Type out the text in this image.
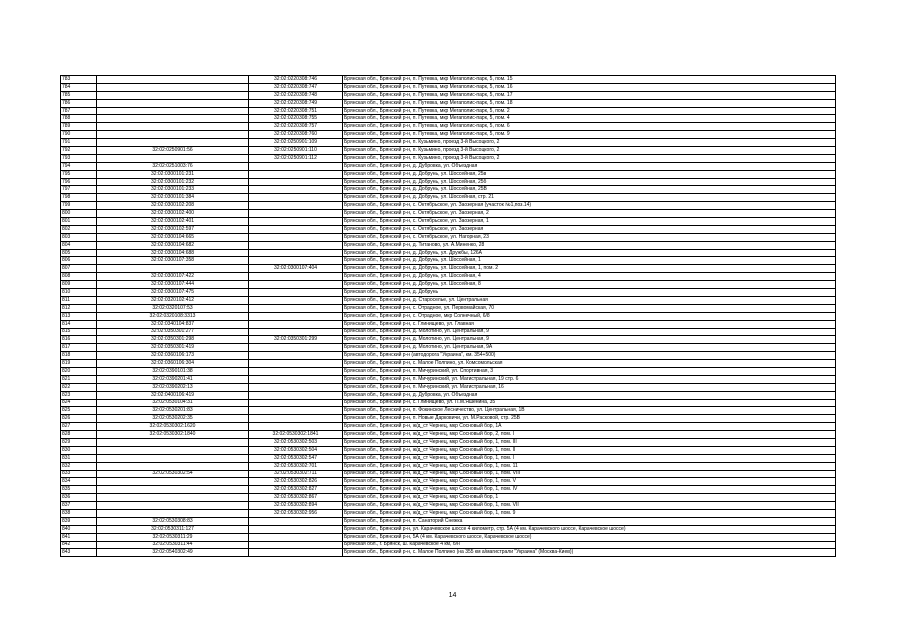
783		32:02:0220308:746	Брянская обл., Брянский р-н, п. Путевка, мкр Мегаполис-парк, 5, пом. 15
784		32:02:0220308:747	Брянская обл., Брянский р-н, п. Путевка, мкр Мегаполис-парк, 5, пом. 16
785		32:02:0220308:748	Брянская обл., Брянский р-н, п. Путевка, мкр Мегаполис-парк, 5, пом. 17
786		32:02:0220308:749	Брянская обл., Брянский р-н, п. Путевка, мкр Мегаполис-парк, 5, пом. 18
787		32:02:0220308:751	Брянская обл., Брянский р-н, п. Путевка, мкр Мегаполис-парк, 5, пом. 2
788		32:02:0220308:755	Брянская обл., Брянский р-н, п. Путевка, мкр Мегаполис-парк, 5, пом. 4
789		32:02:0220308:757	Брянская обл., Брянский р-н, п. Путевка, мкр Мегаполис-парк, 5, пом. 6
790		32:02:0220308:760	Брянская обл., Брянский р-н, п. Путевка, мкр Мегаполис-парк, 5, пом. 9
791		32:02:0250901:109	Брянская обл., Брянский р-н, п. Кузьмино, проезд 3-й Высоцкого, 2
792	32:02:0250901:56	32:02:0250901:110	Брянская обл., Брянский р-н, п. Кузьмино, проезд 3-й Высоцкого, 2
793		32:02:0250901:112	Брянская обл., Брянский р-н, п. Кузьмино, проезд 3-й Высоцкого, 2
794	32:02:0251003:76		Брянская обл., Брянский р-н, д. Дубровка, ул. Объездная
795	32:02:0300101:231		Брянская обл., Брянский р-н, д. Добрунь, ул. Шоссейная, 25в
796	32:02:0300101:232		Брянская обл., Брянский р-н, д. Добрунь, ул. Шоссейная, 25б
797	32:02:0300101:233		Брянская обл., Брянский р-н, д. Добрунь, ул. Шоссейная, 25В
798	32:02:0300101:384		Брянская обл., Брянский р-н, д. Добрунь, ул. Шоссейная, стр. 21
799	32:02:0300102:208		Брянская обл., Брянский р-н, с. Октябрьское, ул. Заозерная (участок №1,поз.14)
800	32:02:0300102:400		Брянская обл., Брянский р-н, с. Октябрьское, ул. Заозерная, 2
801	32:02:0300102:401		Брянская обл., Брянский р-н, с. Октябрьское, ул. Заозерная, 1
802	32:02:0300102:597		Брянская обл., Брянский р-н, с. Октябрьское, ул. Заозерная
803	32:02:0300104:665		Брянская обл., Брянский р-н, с. Октябрьское, ул. Нагорная, 23
804	32:02:0300104:682		Брянская обл., Брянский р-н, д. Титаново, ул. А.Миненко, 28
805	32:02:0300104:688		Брянская обл., Брянский р-н, д. Добрунь, ул. Дружбы, 126А
806	32:02:0300107:358		Брянская обл., Брянский р-н, д. Добрунь, ул. Шоссейная, 1
807		32:02:0300107:404	Брянская обл., Брянский р-н, д. Добрунь, ул. Шоссейная, 1, пом. 2
808	32:02:0300107:422		Брянская обл., Брянский р-н, д. Добрунь, ул. Шоссейная, 4
809	32:02:0300107:444		Брянская обл., Брянский р-н, д. Добрунь, ул. Шоссейная, 8
810	32:02:0300107:475		Брянская обл., Брянский р-н, д. Добрунь
811	32:02:0320102:412		Брянская обл., Брянский р-н, д. Староселье, ул. Центральная
812	32:02:0320107:53		Брянская обл., Брянский р-н, с. Отрадное, ул. Первомайская, 70
813	32:02:0320108:3313		Брянская обл., Брянский р-н, с. Отрадное, мкр Солнечный, 6/8
814	32:02:0340104:837		Брянская обл., Брянский р-н, с. Глинищево, ул. Главная
815	32:02:0350301:277		Брянская обл., Брянский р-н, д. Молотино, ул. Центральная, 9
816	32:02:0350301:298	32:02:0350301:299	Брянская обл., Брянский р-н, д. Молотино, ул. Центральная, 9
817	32:02:0350301:419		Брянская обл., Брянский р-н, д. Молотино, ул. Центральная, 9А
818	32:02:0360106:173		Брянская обл., Брянский р-н (автодорога "Украина", км. 354+500)
819	32:02:0360106:304		Брянская обл., Брянский р-н, с. Малое Полпино, ул. Комсомольская
820	32:02:0390101:38		Брянская обл., Брянский р-н, п. Мичуринский, ул. Спортивная, 3
821	32:02:0390201:41		Брянская обл., Брянский р-н, п. Мичуринский, ул. Магистральная, 19 стр. 6
822	32:02:0390202:13		Брянская обл., Брянский р-н, п. Мичуринский, ул. Магистральная, 16
823	32:02:0400106:419		Брянская обл., Брянский р-н, д. Дубровка, ул. Объездная
824	32:02:0530104:31		Брянская обл., Брянский р-н, с. Глинищево, ул. П.М.Яшенина, 35
825	32:02:0530201:83		Брянская обл., Брянский р-н, п. Фокинское Лесничество, ул. Центральная, 1В
826	32:02:0530202:35		Брянская обл., Брянский р-н, п. Новые Дарковичи, ул. М.Расковой, стр. 25В
827	32:02:0530302:1620		Брянская обл., Брянский р-н, ж/д_ст Чернец, мкр Сосновый бор, 1А
828	32:02:0530302:1840	32:02:0530302:1841	Брянская обл., Брянский р-н, ж/д_ст Чернец, мкр Сосновый бор, 2, пом. I
829		32:02:0530302:503	Брянская обл., Брянский р-н, ж/д_ст Чернец, мкр Сосновый бор, 1, пом. III
830		32:02:0530302:504	Брянская обл., Брянский р-н, ж/д_ст Чернец, мкр Сосновый бор, 1, пом. II
831		32:02:0530302:547	Брянская обл., Брянский р-н, ж/д_ст Чернец, мкр Сосновый бор, 1, пом. I
832		32:02:0530302:701	Брянская обл., Брянский р-н, ж/д_ст Чернец, мкр Сосновый бор, 1, пом. 11
833	32:02:0530302:54	32:02:0530302:711	Брянская обл., Брянский р-н, ж/д_ст Чернец, мкр Сосновый бор, 1, пом. VIII
834		32:02:0530302:826	Брянская обл., Брянский р-н, ж/д_ст Чернец, мкр Сосновый бор, 1, пом. V
835		32:02:0530302:827	Брянская обл., Брянский р-н, ж/д_ст Чернец, мкр Сосновый бор, 1, пом. IV
836		32:02:0530302:867	Брянская обл., Брянский р-н, ж/д_ст Чернец, мкр Сосновый бор, 1
837		32:02:0530302:894	Брянская обл., Брянский р-н, ж/д_ст Чернец, мкр Сосновый бор, 1, пом. VII
838		32:02:0530302:956	Брянская обл., Брянский р-н, ж/д_ст Чернец, мкр Сосновый бор, 1, пом. 9
839	32:02:0530308:83		Брянская обл., Брянский р-н, п. Санаторий Снежка
840	32:02:0530311:127		Брянская обл., Брянский р-н, ул. Карачевское шоссе 4 километр, стр. 5А (4 км. Карачевского шоссе, Карачевское шоссе)
841	32:02:0530311:29		Брянская обл., Брянский р-н, 5А (4 км. Карачевского шоссе, Карачевское шоссе)
842	32:02:0530311:44		Брянская обл., г. Брянск, ш. Карачевское 4 км, б/н
843	32:02:0540302:49		Брянская обл., Брянский р-н, с. Малое Полпино (на 355 км а/магистрали "Украина" (Москва-Киев))
14
